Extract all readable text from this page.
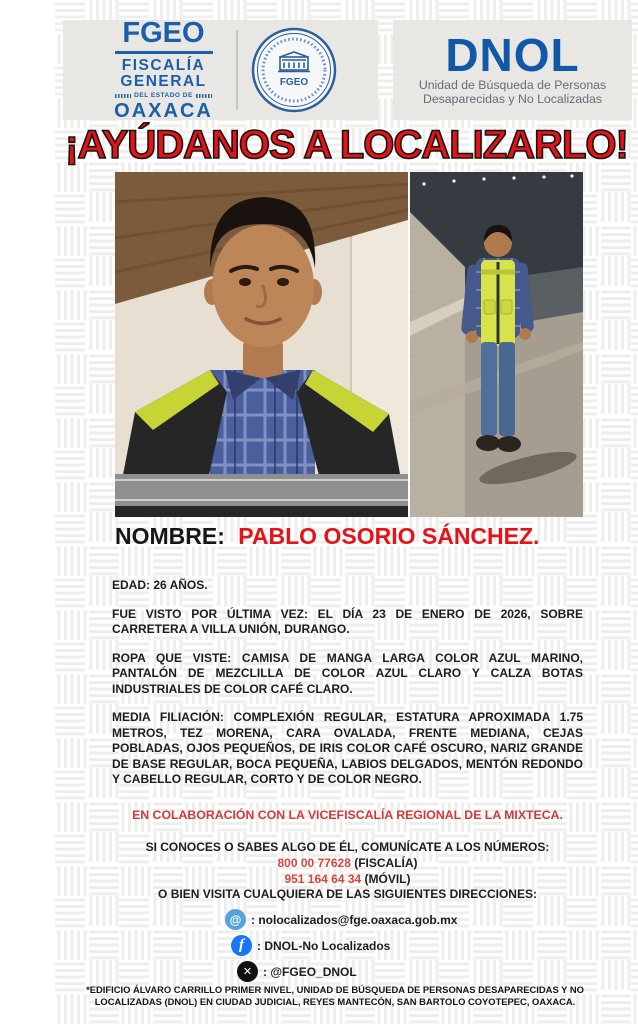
FGEO
FISCALÍA
GENERAL
DEL ESTADO DE
OAXACA
FGEO
DNOL
Unidad de Búsqueda de Personas
Desaparecidas y No Localizadas
¡AYÚDANOS A LOCALIZARLO!
NOMBRE: PABLO OSORIO SÁNCHEZ.

EDAD: 26 AÑOS.

FUE VISTO POR ÚLTIMA VEZ: EL DÍA 23 DE ENERO DE 2026, SOBRE CARRETERA A VILLA UNIÓN, DURANGO.

ROPA QUE VISTE: CAMISA DE MANGA LARGA COLOR AZUL MARINO, PANTALÓN DE MEZCLILLA DE COLOR AZUL CLARO Y CALZA BOTAS INDUSTRIALES DE COLOR CAFÉ CLARO.

MEDIA FILIACIÓN: COMPLEXIÓN REGULAR, ESTATURA APROXIMADA 1.75 METROS, TEZ MORENA, CARA OVALADA, FRENTE MEDIANA, CEJAS POBLADAS, OJOS PEQUEÑOS, DE IRIS COLOR CAFÉ OSCURO, NARIZ GRANDE DE BASE REGULAR, BOCA PEQUEÑA, LABIOS DELGADOS, MENTÓN REDONDO Y CABELLO REGULAR, CORTO Y DE COLOR NEGRO.

EN COLABORACIÓN CON LA VICEFISCALÍA REGIONAL DE LA MIXTECA.
SI CONOCES O SABES ALGO DE ÉL, COMUNÍCATE A LOS NÚMEROS:
800 00 77628 (FISCALÍA)
951 164 64 34 (MÓVIL)
O BIEN VISITA CUALQUIERA DE LAS SIGUIENTES DIRECCIONES:
@
: nolocalizados@fge.oaxaca.gob.mx
f
: DNOL-No Localizados
✕
: @FGEO_DNOL
*EDIFICIO ÁLVARO CARRILLO PRIMER NIVEL, UNIDAD DE BÚSQUEDA DE PERSONAS DESAPARECIDAS Y NO
LOCALIZADAS (DNOL) EN CIUDAD JUDICIAL, REYES MANTECÓN, SAN BARTOLO COYOTEPEC, OAXACA.
